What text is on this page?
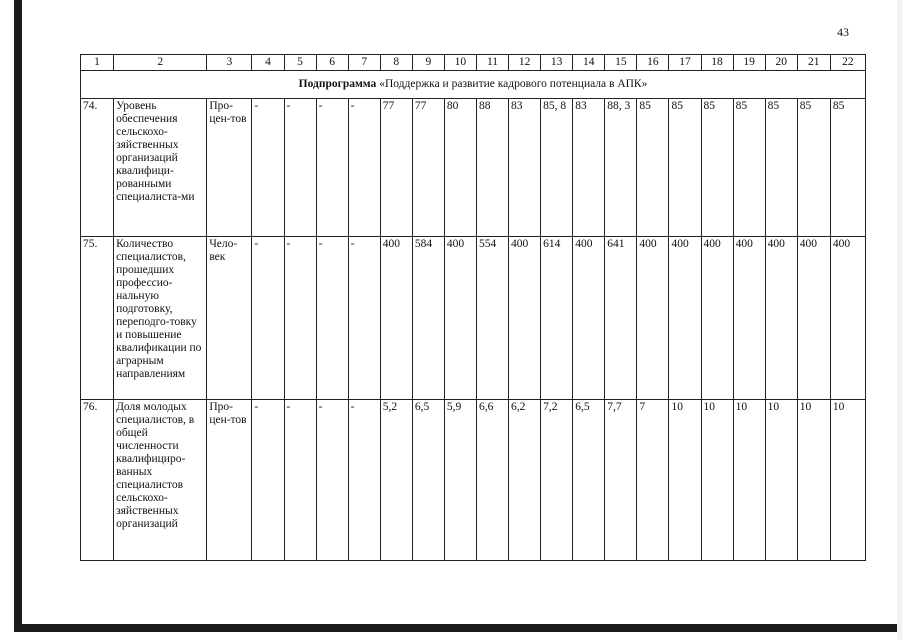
43
1	2	3	4	5	6	7	8	9	10	11	12	13	14	15	16	17	18	19	20	21	22
Подпрограмма «Поддержка и развитие кадрового потенциала в АПК»																					
74.	Уровень обеспечения сельскохо-зяйственных организаций квалифици-рованными специалиста-ми	Про-цен-тов	-	-	-	-	77	77	80	88	83	85, 8	83	88, 3	85	85	85	85	85	85	85
75.	Количество специалистов, прошедших профессио-нальную подготовку, переподго-товку и повышение квалификации по аграрным направлениям	Чело-век	-	-	-	-	400	584	400	554	400	614	400	641	400	400	400	400	400	400	400
76.	Доля молодых специалистов, в общей численности квалифициро-ванных специалистов сельскохо-зяйственных организаций	Про-цен-тов	-	-	-	-	5,2	6,5	5,9	6,6	6,2	7,2	6,5	7,7	7	10	10	10	10	10	10
